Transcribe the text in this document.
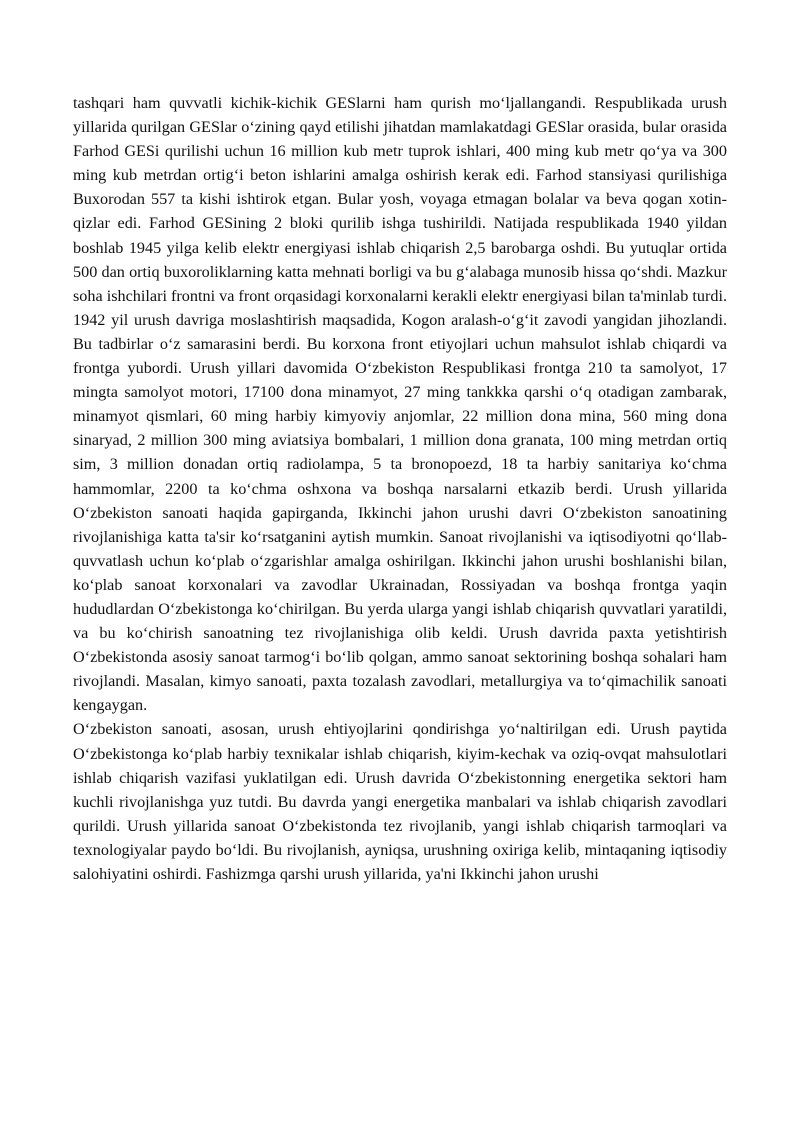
tashqari ham quvvatli kichik-kichik GESlarni ham qurish moʻljallangandi. Respublikada urush yillarida qurilgan GESlar oʻzining qayd etilishi jihatdan mamlakatdagi GESlar orasida, bular orasida Farhod GESi qurilishi uchun 16 million kub metr tuprok ishlari, 400 ming kub metr qoʻya va 300 ming kub metrdan ortigʻi beton ishlarini amalga oshirish kerak edi. Farhod stansiyasi qurilishiga Buxorodan 557 ta kishi ishtirok etgan. Bular yosh, voyaga etmagan bolalar va beva qogan xotin-qizlar edi. Farhod GESining 2 bloki qurilib ishga tushirildi. Natijada respublikada 1940 yildan boshlab 1945 yilga kelib elektr energiyasi ishlab chiqarish 2,5 barobarga oshdi. Bu yutuqlar ortida 500 dan ortiq buxoroliklarning katta mehnati borligi va bu gʻalabaga munosib hissa qoʻshdi. Mazkur soha ishchilari frontni va front orqasidagi korxonalarni kerakli elektr energiyasi bilan ta'minlab turdi. 1942 yil urush davriga moslashtirish maqsadida, Kogon aralash-oʻgʻit zavodi yangidan jihozlandi. Bu tadbirlar oʻz samarasini berdi. Bu korxona front etiyojlari uchun mahsulot ishlab chiqardi va frontga yubordi. Urush yillari davomida Oʻzbekiston Respublikasi frontga 210 ta samolyot, 17 mingta samolyot motori, 17100 dona minamyot, 27 ming tankkka qarshi oʻq otadigan zambarak, minamyot qismlari, 60 ming harbiy kimyoviy anjomlar, 22 million dona mina, 560 ming dona sinaryad, 2 million 300 ming aviatsiya bombalari, 1 million dona granata, 100 ming metrdan ortiq sim, 3 million donadan ortiq radiolampa, 5 ta bronopoezd, 18 ta harbiy sanitariya koʻchma hammomlar, 2200 ta koʻchma oshxona va boshqa narsalarni etkazib berdi. Urush yillarida Oʻzbekiston sanoati haqida gapirganda, Ikkinchi jahon urushi davri Oʻzbekiston sanoatining rivojlanishiga katta ta'sir koʻrsatganini aytish mumkin. Sanoat rivojlanishi va iqtisodiyotni qoʻllab-quvvatlash uchun koʻplab oʻzgarishlar amalga oshirilgan. Ikkinchi jahon urushi boshlanishi bilan, koʻplab sanoat korxonalari va zavodlar Ukrainadan, Rossiyadan va boshqa frontga yaqin hududlardan Oʻzbekistonga koʻchirilgan. Bu yerda ularga yangi ishlab chiqarish quvvatlari yaratildi, va bu koʻchirish sanoatning tez rivojlanishiga olib keldi. Urush davrida paxta yetishtirish Oʻzbekistonda asosiy sanoat tarmogʻi boʻlib qolgan, ammo sanoat sektorining boshqa sohalari ham rivojlandi. Masalan, kimyo sanoati, paxta tozalash zavodlari, metallurgiya va toʻqimachilik sanoati kengaygan.

Oʻzbekiston sanoati, asosan, urush ehtiyojlarini qondirishga yoʻnaltirilgan edi. Urush paytida Oʻzbekistonga koʻplab harbiy texnikalar ishlab chiqarish, kiyim-kechak va oziq-ovqat mahsulotlari ishlab chiqarish vazifasi yuklatilgan edi. Urush davrida Oʻzbekistonning energetika sektori ham kuchli rivojlanishga yuz tutdi. Bu davrda yangi energetika manbalari va ishlab chiqarish zavodlari qurildi. Urush yillarida sanoat Oʻzbekistonda tez rivojlanib, yangi ishlab chiqarish tarmoqlari va texnologiyalar paydo boʻldi. Bu rivojlanish, ayniqsa, urushning oxiriga kelib, mintaqaning iqtisodiy salohiyatini oshirdi. Fashizmga qarshi urush yillarida, ya'ni Ikkinchi jahon urushi
